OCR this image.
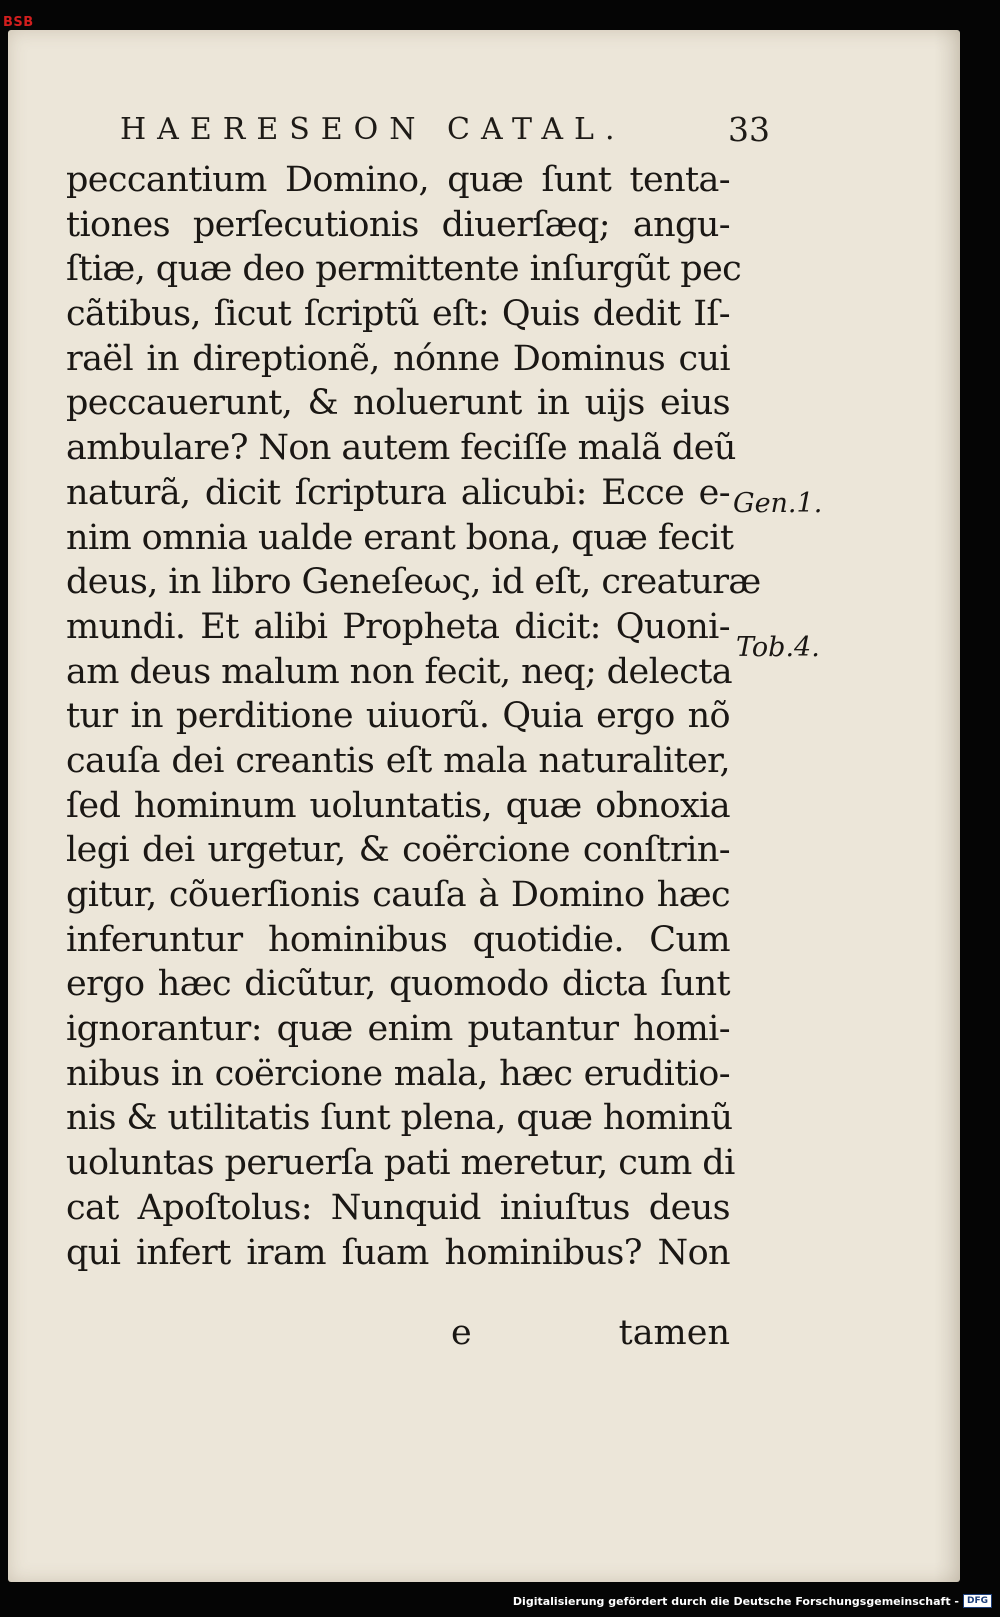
BSB
HAERESEON CATAL.	33
peccantium Domino, quæ ſunt tenta-
tiones perſecutionis diuerſæq; angu-
ſtiæ, quæ deo permittente inſurgũt pec
cãtibus, ſicut ſcriptũ eſt: Quis dedit Iſ-
raël in direptionẽ, nónne Dominus cui
peccauerunt, & noluerunt in uijs eius
ambulare? Non autem feciſſe malã deũ
naturã, dicit ſcriptura alicubi: Ecce e-
nim omnia ualde erant bona, quæ fecit
deus, in libro Geneſeως, id eſt, creaturæ
mundi. Et alibi Propheta dicit: Quoni-
am deus malum non fecit, neq; delecta
tur in perditione uiuorũ. Quia ergo nõ
cauſa dei creantis eſt mala naturaliter,
ſed hominum uoluntatis, quæ obnoxia
legi dei urgetur, & coërcione conſtrin-
gitur, cõuerſionis cauſa à Domino hæc
inferuntur hominibus quotidie. Cum
ergo hæc dicũtur, quomodo dicta ſunt
ignorantur: quæ enim putantur homi-
nibus in coërcione mala, hæc eruditio-
nis & utilitatis ſunt plena, quæ hominũ
uoluntas peruerſa pati meretur, cum di
cat Apoſtolus: Nunquid iniuſtus deus
qui infert iram ſuam hominibus? Non
Gen.1.
Tob.4.
e	tamen
Digitalisierung gefördert durch die Deutsche Forschungsgemeinschaft - DFG
